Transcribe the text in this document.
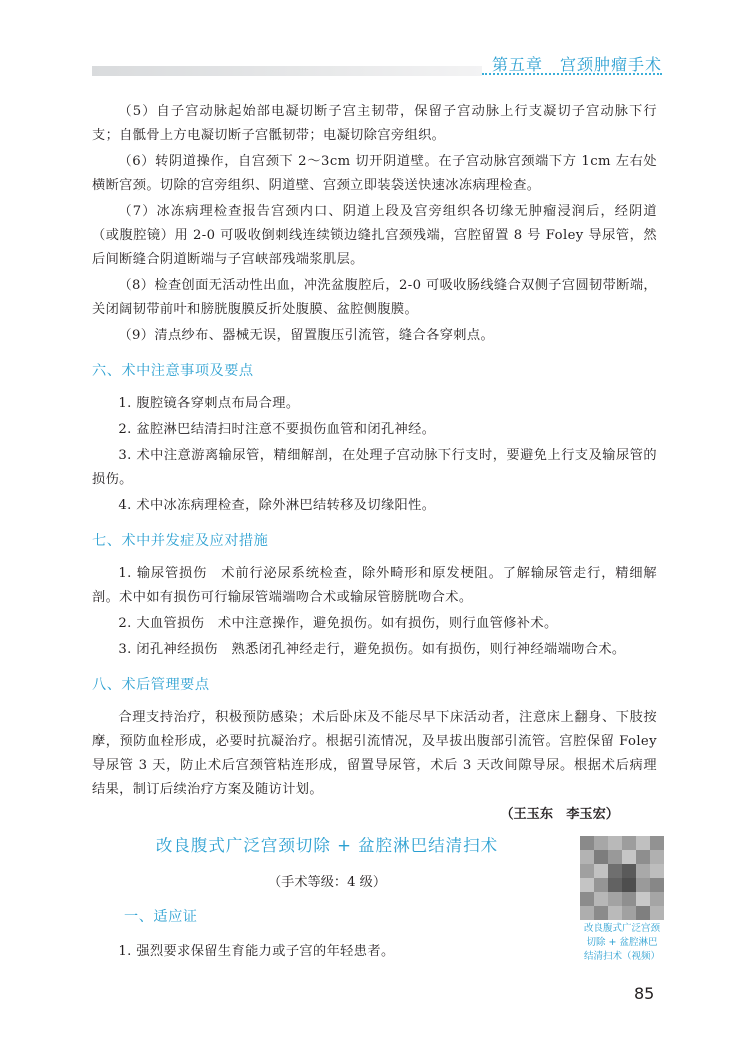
第五章　宫颈肿瘤手术

（5）自子宫动脉起始部电凝切断子宫主韧带，保留子宫动脉上行支凝切子宫动脉下行支；自骶骨上方电凝切断子宫骶韧带；电凝切除宫旁组织。

（6）转阴道操作，自宫颈下 2～3cm 切开阴道壁。在子宫动脉宫颈端下方 1cm 左右处横断宫颈。切除的宫旁组织、阴道壁、宫颈立即装袋送快速冰冻病理检查。

（7）冰冻病理检查报告宫颈内口、阴道上段及宫旁组织各切缘无肿瘤浸润后，经阴道（或腹腔镜）用 2-0 可吸收倒刺线连续锁边缝扎宫颈残端，宫腔留置 8 号 Foley 导尿管，然后间断缝合阴道断端与子宫峡部残端浆肌层。

（8）检查创面无活动性出血，冲洗盆腹腔后，2-0 可吸收肠线缝合双侧子宫圆韧带断端，关闭阔韧带前叶和膀胱腹膜反折处腹膜、盆腔侧腹膜。

（9）清点纱布、器械无误，留置腹压引流管，缝合各穿刺点。

六、术中注意事项及要点

1. 腹腔镜各穿刺点布局合理。

2. 盆腔淋巴结清扫时注意不要损伤血管和闭孔神经。

3. 术中注意游离输尿管，精细解剖，在处理子宫动脉下行支时，要避免上行支及输尿管的损伤。

4. 术中冰冻病理检查，除外淋巴结转移及切缘阳性。

七、术中并发症及应对措施

1. 输尿管损伤　术前行泌尿系统检查，除外畸形和原发梗阻。了解输尿管走行，精细解剖。术中如有损伤可行输尿管端端吻合术或输尿管膀胱吻合术。

2. 大血管损伤　术中注意操作，避免损伤。如有损伤，则行血管修补术。

3. 闭孔神经损伤　熟悉闭孔神经走行，避免损伤。如有损伤，则行神经端端吻合术。

八、术后管理要点

合理支持治疗，积极预防感染；术后卧床及不能尽早下床活动者，注意床上翻身、下肢按摩，预防血栓形成，必要时抗凝治疗。根据引流情况，及早拔出腹部引流管。宫腔保留 Foley 导尿管 3 天，防止术后宫颈管粘连形成，留置导尿管，术后 3 天改间隙导尿。根据术后病理结果，制订后续治疗方案及随访计划。

（王玉东　李玉宏）
改良腹式广泛宫颈切除 + 盆腔淋巴结清扫术
（手术等级：4 级）
一、适应证

1. 强烈要求保留生育能力或子宫的年轻患者。

改良腹式广泛宫颈
切除 + 盆腔淋巴
结清扫术（视频）
85
